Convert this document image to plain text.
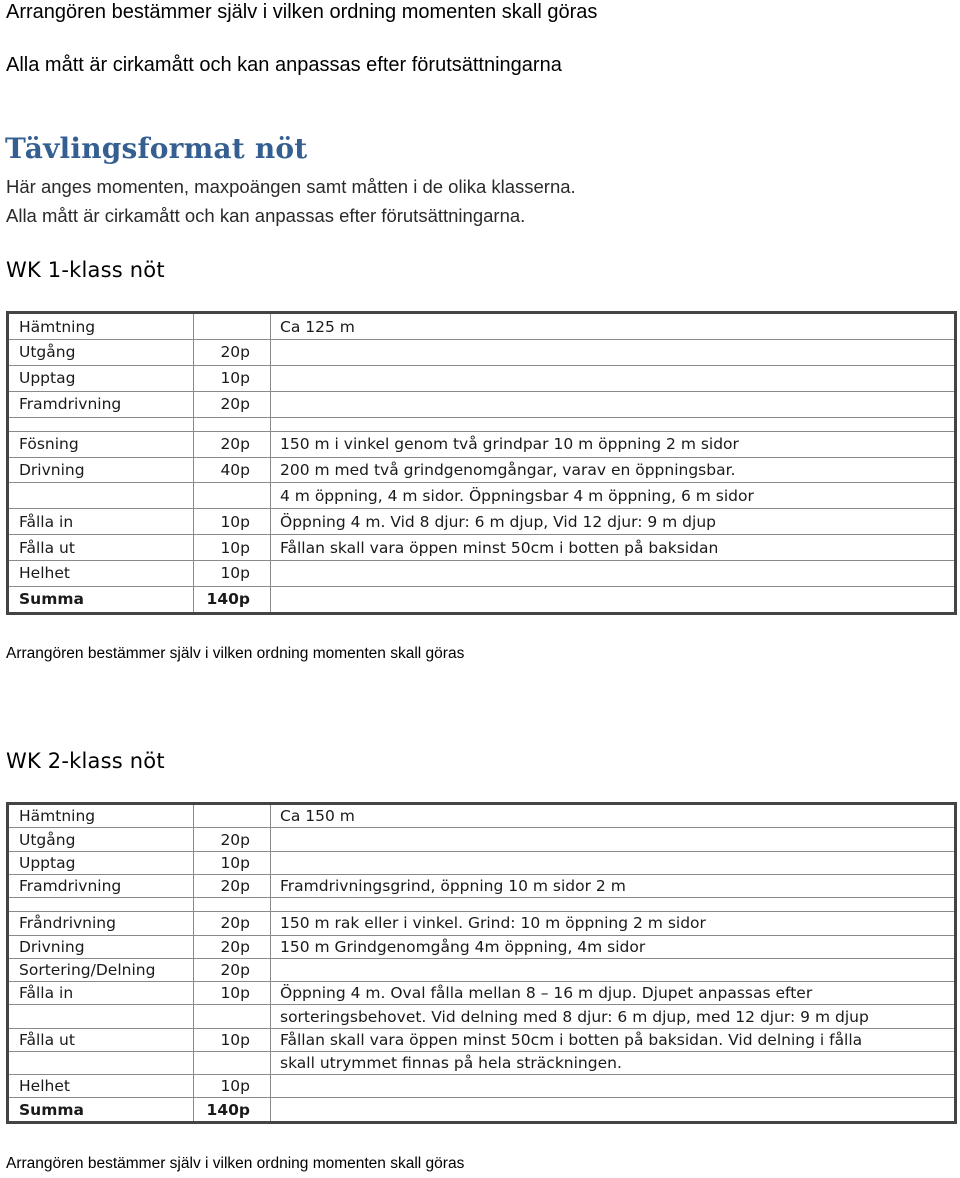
Arrangören bestämmer själv i vilken ordning momenten skall göras
Alla mått är cirkamått och kan anpassas efter förutsättningarna
Tävlingsformat nöt
Här anges momenten, maxpoängen samt måtten i de olika klasserna.
Alla mått är cirkamått och kan anpassas efter förutsättningarna.
WK 1-klass nöt
Hämtning		Ca 125 m
Utgång	20p	
Upptag	10p	
Framdrivning	20p	

Fösning	20p	150 m i vinkel genom två grindpar 10 m öppning 2 m sidor
Drivning	40p	200 m med två grindgenomgångar, varav en öppningsbar.
		4 m öppning, 4 m sidor. Öppningsbar 4 m öppning, 6 m sidor
Fålla in	10p	Öppning 4 m. Vid 8 djur: 6 m djup, Vid 12 djur: 9 m djup
Fålla ut	10p	Fållan skall vara öppen minst 50cm i botten på baksidan
Helhet	10p	
Summa	140p	
Arrangören bestämmer själv i vilken ordning momenten skall göras
WK 2-klass nöt
Hämtning		Ca 150 m
Utgång	20p	
Upptag	10p	
Framdrivning	20p	Framdrivningsgrind, öppning 10 m sidor 2 m

Fråndrivning	20p	150 m rak eller i vinkel. Grind: 10 m öppning 2 m sidor
Drivning	20p	150 m Grindgenomgång 4m öppning, 4m sidor
Sortering/Delning	20p	
Fålla in	10p	Öppning 4 m. Oval fålla mellan 8 – 16 m djup. Djupet anpassas efter
		sorteringsbehovet. Vid delning med 8 djur: 6 m djup, med 12 djur: 9 m djup
Fålla ut	10p	Fållan skall vara öppen minst 50cm i botten på baksidan. Vid delning i fålla
		skall utrymmet finnas på hela sträckningen.
Helhet	10p	
Summa	140p	
Arrangören bestämmer själv i vilken ordning momenten skall göras
